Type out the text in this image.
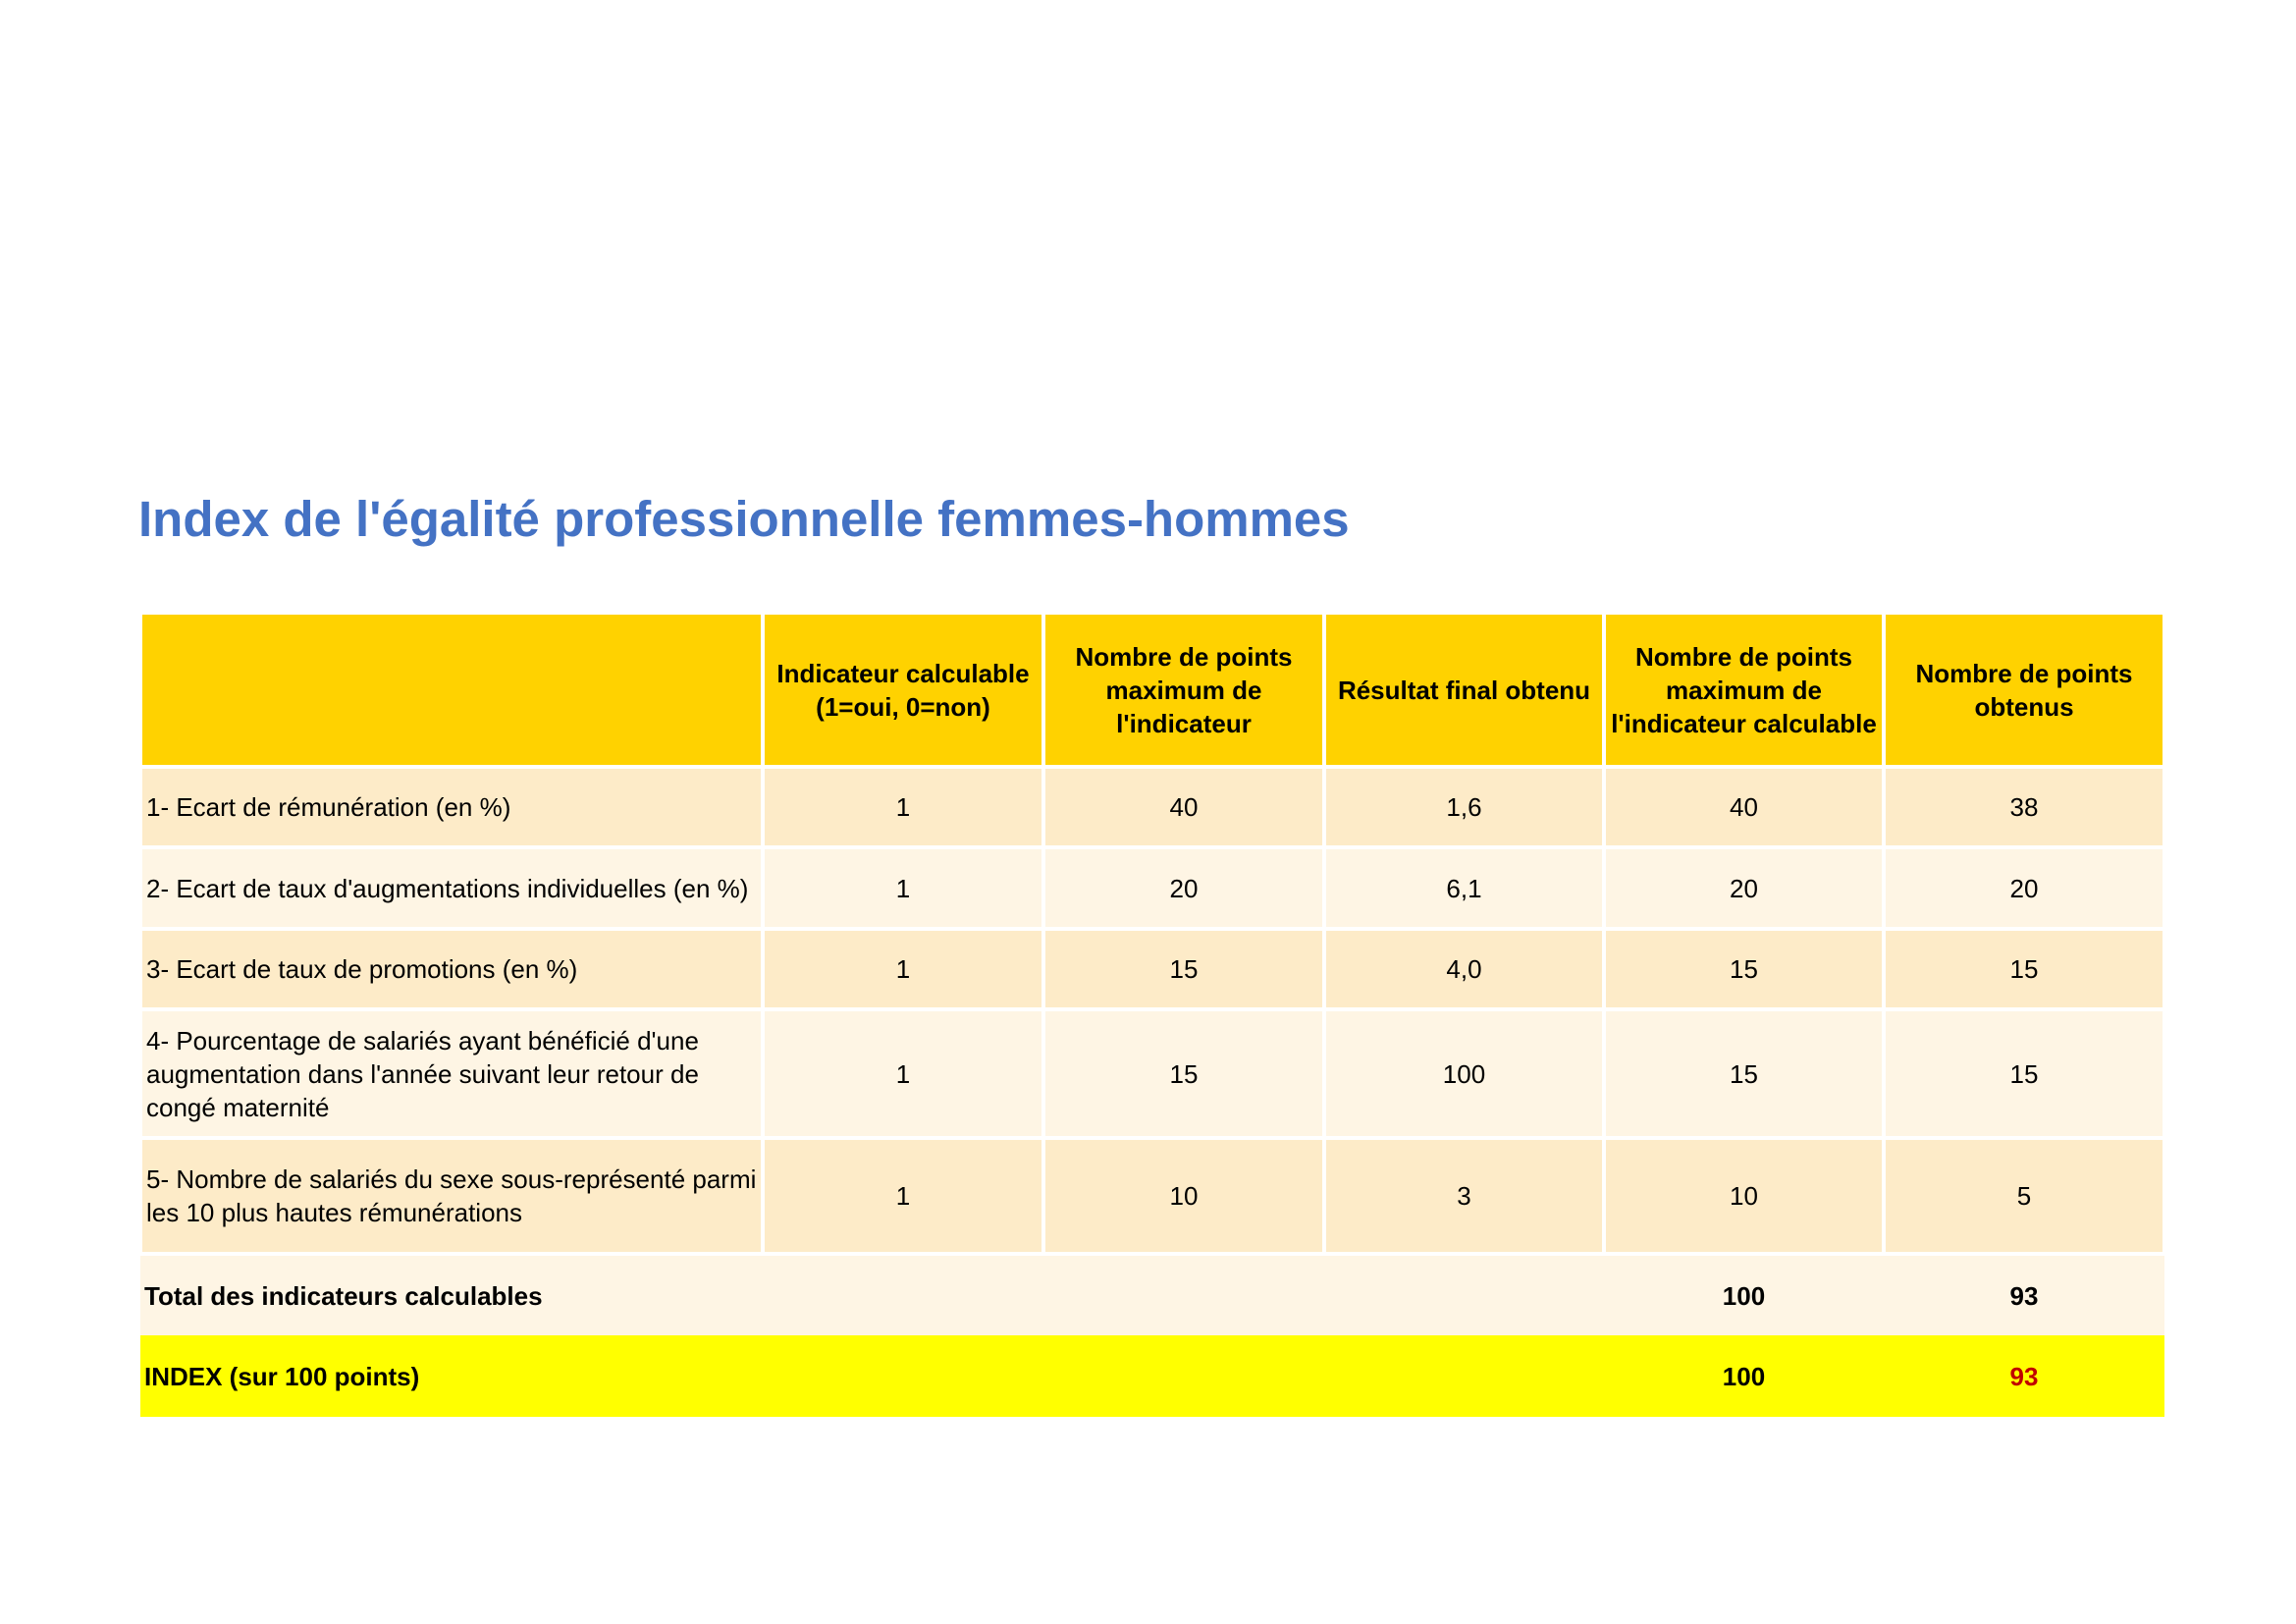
Index de l'égalité professionnelle femmes-hommes
	Indicateur calculable (1=oui, 0=non)	Nombre de points maximum de l'indicateur	Résultat final obtenu	Nombre de points maximum de l'indicateur calculable	Nombre de points obtenus
1- Ecart de rémunération (en %)	1	40	1,6	40	38
2- Ecart de taux d'augmentations individuelles (en %)	1	20	6,1	20	20
3- Ecart de taux de promotions (en %)	1	15	4,0	15	15
4- Pourcentage de salariés ayant bénéficié d'une augmentation dans l'année suivant leur retour de congé maternité	1	15	100	15	15
5- Nombre de salariés du sexe sous-représenté parmi les 10 plus hautes rémunérations	1	10	3	10	5
Total des indicateurs calculables				100	93
INDEX (sur 100 points)				100	93
